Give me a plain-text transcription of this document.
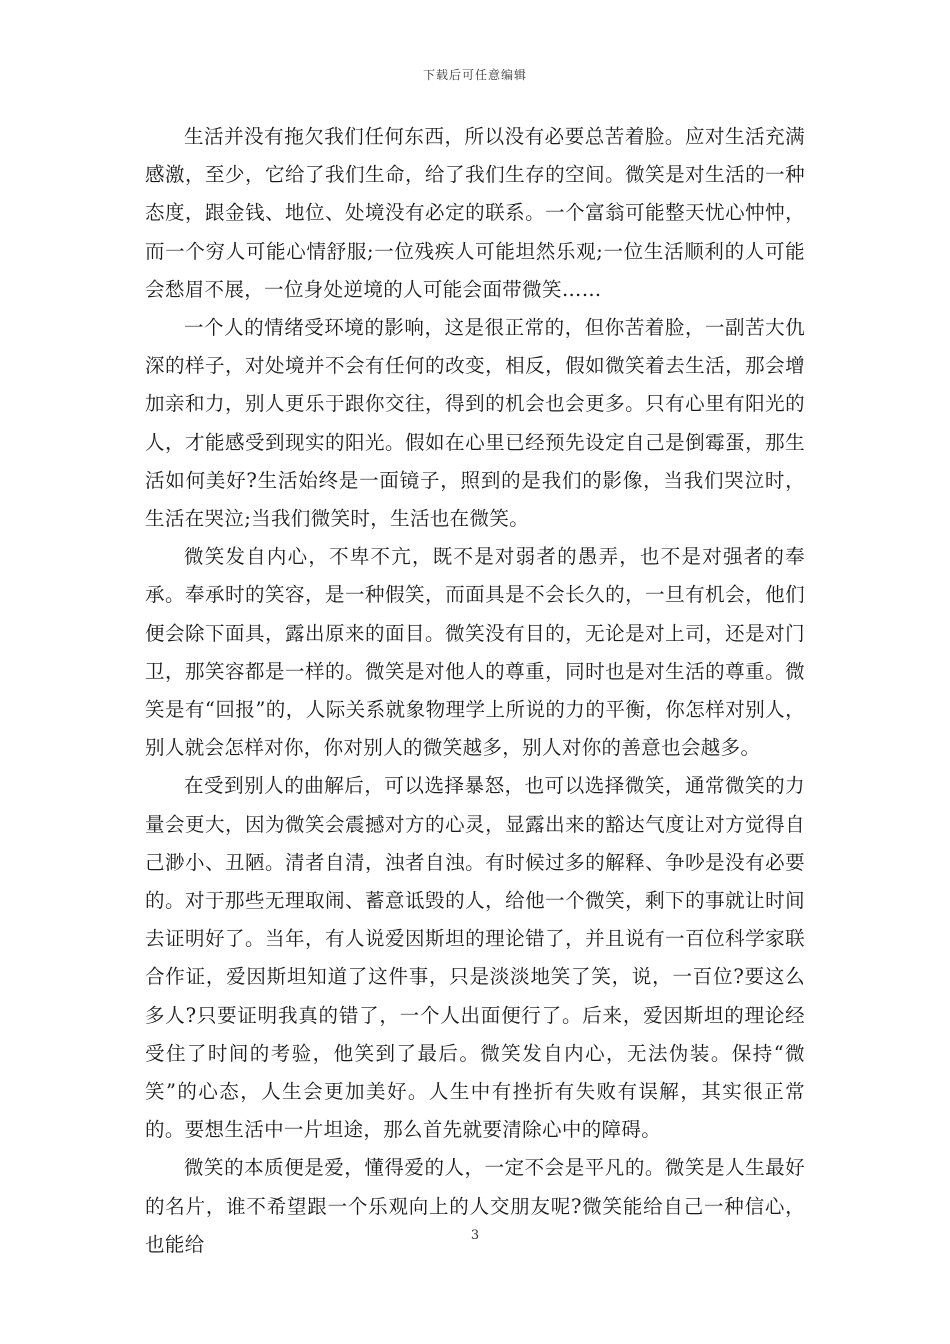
下载后可任意编辑

生活并没有拖欠我们任何东西，所以没有必要总苦着脸。应对生活充满感激，至少，它给了我们生命，给了我们生存的空间。微笑是对生活的一种态度，跟金钱、地位、处境没有必定的联系。一个富翁可能整天忧心忡忡，而一个穷人可能心情舒服;一位残疾人可能坦然乐观;一位生活顺利的人可能会愁眉不展，一位身处逆境的人可能会面带微笑……

一个人的情绪受环境的影响，这是很正常的，但你苦着脸，一副苦大仇深的样子，对处境并不会有任何的改变，相反，假如微笑着去生活，那会增加亲和力，别人更乐于跟你交往，得到的机会也会更多。只有心里有阳光的人，才能感受到现实的阳光。假如在心里已经预先设定自己是倒霉蛋，那生活如何美好?生活始终是一面镜子，照到的是我们的影像，当我们哭泣时，生活在哭泣;当我们微笑时，生活也在微笑。

微笑发自内心，不卑不亢，既不是对弱者的愚弄，也不是对强者的奉承。奉承时的笑容，是一种假笑，而面具是不会长久的，一旦有机会，他们便会除下面具，露出原来的面目。微笑没有目的，无论是对上司，还是对门卫，那笑容都是一样的。微笑是对他人的尊重，同时也是对生活的尊重。微笑是有“回报”的，人际关系就象物理学上所说的力的平衡，你怎样对别人，别人就会怎样对你，你对别人的微笑越多，别人对你的善意也会越多。

在受到别人的曲解后，可以选择暴怒，也可以选择微笑，通常微笑的力量会更大，因为微笑会震撼对方的心灵，显露出来的豁达气度让对方觉得自己渺小、丑陋。清者自清，浊者自浊。有时候过多的解释、争吵是没有必要的。对于那些无理取闹、蓄意诋毁的人，给他一个微笑，剩下的事就让时间去证明好了。当年，有人说爱因斯坦的理论错了，并且说有一百位科学家联合作证，爱因斯坦知道了这件事，只是淡淡地笑了笑，说，一百位?要这么多人?只要证明我真的错了，一个人出面便行了。后来，爱因斯坦的理论经受住了时间的考验，他笑到了最后。微笑发自内心，无法伪装。保持“微笑”的心态，人生会更加美好。人生中有挫折有失败有误解，其实很正常的。要想生活中一片坦途，那么首先就要清除心中的障碍。

微笑的本质便是爱，懂得爱的人，一定不会是平凡的。微笑是人生最好的名片，谁不希望跟一个乐观向上的人交朋友呢?微笑能给自己一种信心，也能给	3
